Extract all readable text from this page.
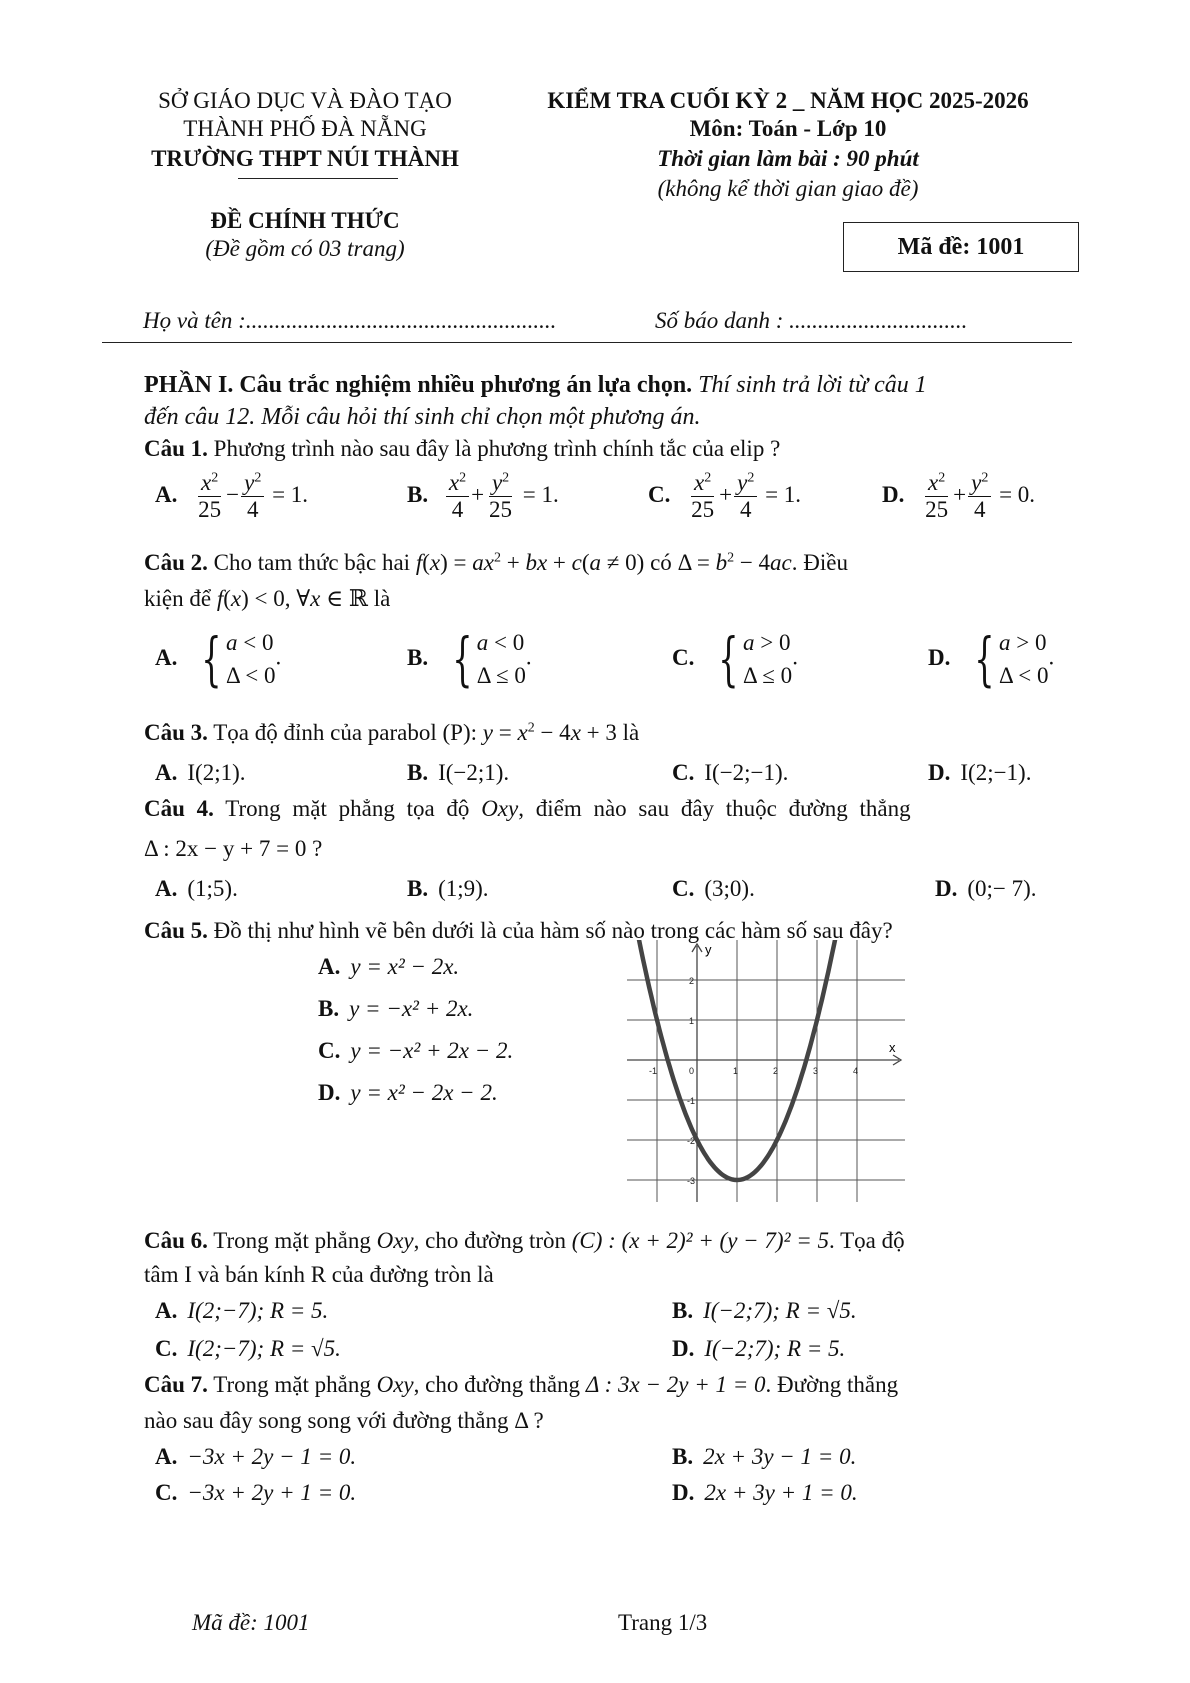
SỞ GIÁO DỤC VÀ ĐÀO TẠO
THÀNH PHỐ ĐÀ NẴNG
TRƯỜNG THPT NÚI THÀNH
ĐỀ CHÍNH THỨC
(Đề gồm có 03 trang)
KIỂM TRA CUỐI KỲ 2 _ NĂM HỌC 2025-2026
Môn: Toán - Lớp 10
Thời gian làm bài : 90 phút
(không kể thời gian giao đề)
Mã đề: 1001
Họ và tên :......................................................	Số báo danh : ...............................
PHẦN I. Câu trắc nghiệm nhiều phương án lựa chọn. Thí sinh trả lời từ câu 1
đến câu 12. Mỗi câu hỏi thí sinh chỉ chọn một phương án.
Câu 1. Phương trình nào sau đây là phương trình chính tắc của elip ?
A. $\frac{x^2}{25} - \frac{y^2}{4} = 1$.	B. $\frac{x^2}{4} + \frac{y^2}{25} = 1$.	C. $\frac{x^2}{25} + \frac{y^2}{4} = 1$.	D. $\frac{x^2}{25} + \frac{y^2}{4} = 0$.
Câu 2. Cho tam thức bậc hai $f(x) = ax^2$ + bx + c(a ≠ 0) có $\Delta = b^2 - 4ac$. Điều
kiện để f(x) < 0, ∀x ∈ ℝ là
A. { a < 0
Δ < 0
.	B. { a < 0
Δ ≤ 0
.	C. { a > 0
Δ ≤ 0
.	D. { a > 0
Δ < 0
.
Câu 3. Tọa độ đỉnh của parabol (P): $y = x^2 - 4x + 3$ là
A. I(2;1).	B. I(−2;1).	C. I(−2;−1).	D. I(2;−1).
Câu 4. Trong mặt phẳng tọa độ Oxy, điểm nào sau đây thuộc đường thẳng
Δ : 2x − y + 7 = 0 ?
A. (1;5).	B. (1;9).	C. (3;0).	D. (0;− 7).
Câu 5. Đồ thị như hình vẽ bên dưới là của hàm số nào trong các hàm số sau đây?
A. y = x² − 2x.
B. y = −x² + 2x.
C. y = −x² + 2x − 2.
D. y = x² − 2x − 2.
x
y
-1	0	1	2	3	4
2
1
-1
-2
-3
Câu 6. Trong mặt phẳng Oxy, cho đường tròn (C) : (x + 2)² + (y − 7)² = 5. Tọa độ
tâm I và bán kính R của đường tròn là
A. I(2;−7); R = 5.	B. I(−2;7); R = √5.
C. I(2;−7); R = √5.	D. I(−2;7); R = 5.
Câu 7. Trong mặt phẳng Oxy, cho đường thẳng Δ : 3x − 2y + 1 = 0. Đường thẳng
nào sau đây song song với đường thẳng Δ ?
A. −3x + 2y − 1 = 0.	B. 2x + 3y − 1 = 0.
C. −3x + 2y + 1 = 0.	D. 2x + 3y + 1 = 0.
Mã đề: 1001	Trang 1/3
